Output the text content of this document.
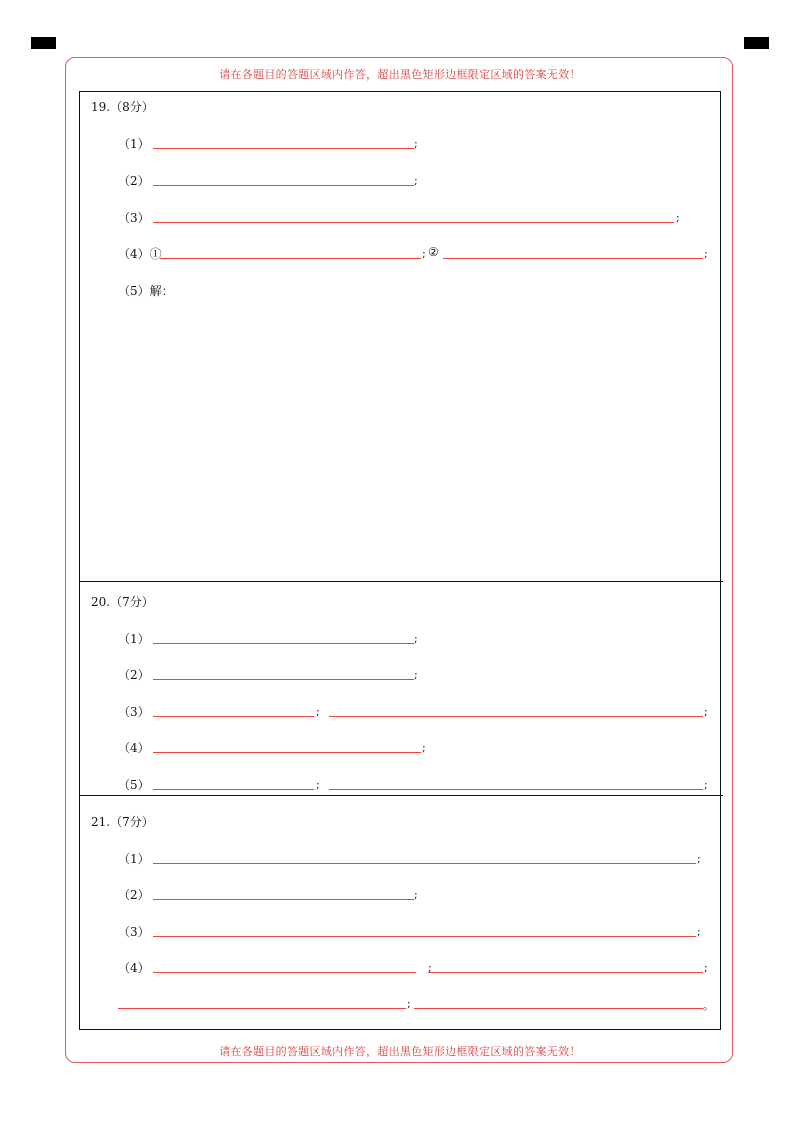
请在各题目的答题区域内作答，超出黑色矩形边框限定区域的答案无效！
请在各题目的答题区域内作答，超出黑色矩形边框限定区域的答案无效！
19.（8分）
（1）	;
（2）	;
（3）	;
（4）①	; ②	;
（5）解：
20.（7分）
（1）	;
（2）	;
（3）	;	;
（4）	;
（5）	;	;
21.（7分）
（1）	;
（2）	;
（3）	;
（4）	;	;
;	。
